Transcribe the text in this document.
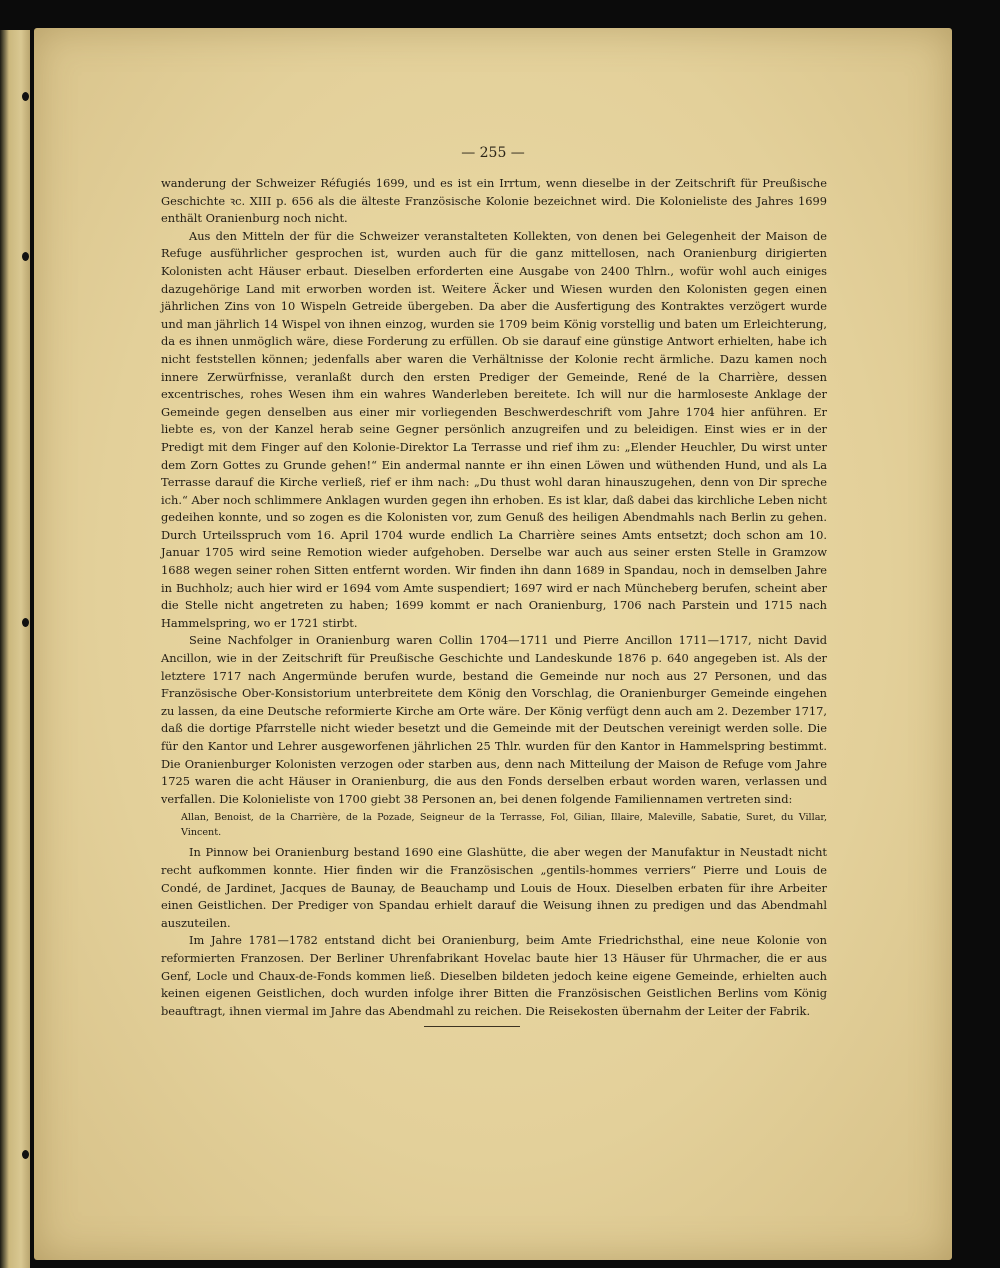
— 255 —

wanderung der Schweizer Réfugiés 1699, und es ist ein Irrtum, wenn dieselbe in der Zeitschrift für Preußische Geschichte ꝛc. XIII p. 656 als die älteste Französische Kolonie bezeichnet wird. Die Kolonieliste des Jahres 1699 enthält Oranienburg noch nicht.

Aus den Mitteln der für die Schweizer veranstalteten Kollekten, von denen bei Gelegenheit der Maison de Refuge ausführlicher gesprochen ist, wurden auch für die ganz mittellosen, nach Oranienburg dirigierten Kolonisten acht Häuser erbaut. Dieselben erforderten eine Ausgabe von 2400 Thlrn., wofür wohl auch einiges dazugehörige Land mit erworben worden ist. Weitere Äcker und Wiesen wurden den Kolonisten gegen einen jährlichen Zins von 10 Wispeln Getreide übergeben. Da aber die Ausfertigung des Kontraktes verzögert wurde und man jährlich 14 Wispel von ihnen einzog, wurden sie 1709 beim König vorstellig und baten um Erleichterung, da es ihnen unmöglich wäre, diese Forderung zu erfüllen. Ob sie darauf eine günstige Antwort erhielten, habe ich nicht feststellen können; jedenfalls aber waren die Verhältnisse der Kolonie recht ärmliche. Dazu kamen noch innere Zerwürfnisse, veranlaßt durch den ersten Prediger der Gemeinde, René de la Charrière, dessen excentrisches, rohes Wesen ihm ein wahres Wanderleben bereitete. Ich will nur die harmloseste Anklage der Gemeinde gegen denselben aus einer mir vorliegenden Beschwerdeschrift vom Jahre 1704 hier anführen. Er liebte es, von der Kanzel herab seine Gegner persönlich anzugreifen und zu beleidigen. Einst wies er in der Predigt mit dem Finger auf den Kolonie-Direktor La Terrasse und rief ihm zu: „Elender Heuchler, Du wirst unter dem Zorn Gottes zu Grunde gehen!“ Ein andermal nannte er ihn einen Löwen und wüthenden Hund, und als La Terrasse darauf die Kirche verließ, rief er ihm nach: „Du thust wohl daran hinauszugehen, denn von Dir spreche ich.“ Aber noch schlimmere Anklagen wurden gegen ihn erhoben. Es ist klar, daß dabei das kirchliche Leben nicht gedeihen konnte, und so zogen es die Kolonisten vor, zum Genuß des heiligen Abendmahls nach Berlin zu gehen. Durch Urteilsspruch vom 16. April 1704 wurde endlich La Charrière seines Amts entsetzt; doch schon am 10. Januar 1705 wird seine Remotion wieder aufgehoben. Derselbe war auch aus seiner ersten Stelle in Gramzow 1688 wegen seiner rohen Sitten entfernt worden. Wir finden ihn dann 1689 in Spandau, noch in demselben Jahre in Buchholz; auch hier wird er 1694 vom Amte suspendiert; 1697 wird er nach Müncheberg berufen, scheint aber die Stelle nicht angetreten zu haben; 1699 kommt er nach Oranienburg, 1706 nach Parstein und 1715 nach Hammelspring, wo er 1721 stirbt.

Seine Nachfolger in Oranienburg waren Collin 1704—1711 und Pierre Ancillon 1711—1717, nicht David Ancillon, wie in der Zeitschrift für Preußische Geschichte und Landeskunde 1876 p. 640 angegeben ist. Als der letztere 1717 nach Angermünde berufen wurde, bestand die Gemeinde nur noch aus 27 Personen, und das Französische Ober-Konsistorium unterbreitete dem König den Vorschlag, die Oranienburger Gemeinde eingehen zu lassen, da eine Deutsche reformierte Kirche am Orte wäre. Der König verfügt denn auch am 2. Dezember 1717, daß die dortige Pfarrstelle nicht wieder besetzt und die Gemeinde mit der Deutschen vereinigt werden solle. Die für den Kantor und Lehrer ausgeworfenen jährlichen 25 Thlr. wurden für den Kantor in Hammelspring bestimmt. Die Oranienburger Kolonisten verzogen oder starben aus, denn nach Mitteilung der Maison de Refuge vom Jahre 1725 waren die acht Häuser in Oranienburg, die aus den Fonds derselben erbaut worden waren, verlassen und verfallen. Die Kolonieliste von 1700 giebt 38 Personen an, bei denen folgende Familiennamen vertreten sind:

Allan, Benoist, de la Charrière, de la Pozade, Seigneur de la Terrasse, Fol, Gilian, Illaire, Maleville, Sabatie, Suret, du Villar, Vincent.

In Pinnow bei Oranienburg bestand 1690 eine Glashütte, die aber wegen der Manufaktur in Neustadt nicht recht aufkommen konnte. Hier finden wir die Französischen „gentils-hommes verriers“ Pierre und Louis de Condé, de Jardinet, Jacques de Baunay, de Beauchamp und Louis de Houx. Dieselben erbaten für ihre Arbeiter einen Geistlichen. Der Prediger von Spandau erhielt darauf die Weisung ihnen zu predigen und das Abendmahl auszuteilen.

Im Jahre 1781—1782 entstand dicht bei Oranienburg, beim Amte Friedrichsthal, eine neue Kolonie von reformierten Franzosen. Der Berliner Uhrenfabrikant Hovelac baute hier 13 Häuser für Uhrmacher, die er aus Genf, Locle und Chaux-de-Fonds kommen ließ. Dieselben bildeten jedoch keine eigene Gemeinde, erhielten auch keinen eigenen Geistlichen, doch wurden infolge ihrer Bitten die Französischen Geistlichen Berlins vom König beauftragt, ihnen viermal im Jahre das Abendmahl zu reichen. Die Reisekosten übernahm der Leiter der Fabrik.
